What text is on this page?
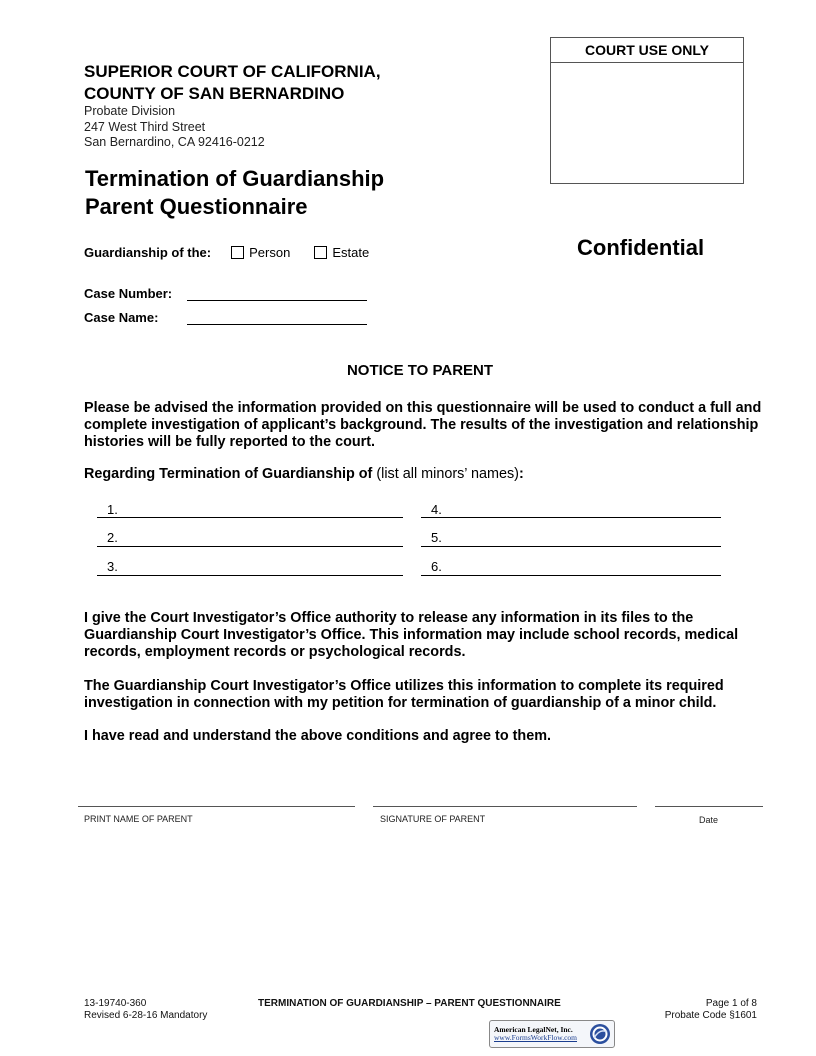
COURT USE ONLY
SUPERIOR COURT OF CALIFORNIA,
COUNTY OF SAN BERNARDINO
Probate Division
247 West Third Street
San Bernardino, CA 92416-0212
Termination of Guardianship
Parent Questionnaire
Confidential
Guardianship of the:	Person	Estate
Case Number:
Case Name:
NOTICE TO PARENT
Please be advised the information provided on this questionnaire will be used to conduct a full and complete investigation of applicant’s background. The results of the investigation and relationship histories will be fully reported to the court.
Regarding Termination of Guardianship of (list all minors’ names):
1.
2.
3.
4.
5.
6.
I give the Court Investigator’s Office authority to release any information in its files to the Guardianship Court Investigator’s Office. This information may include school records, medical records, employment records or psychological records.
The Guardianship Court Investigator’s Office utilizes this information to complete its required investigation in connection with my petition for termination of guardianship of a minor child.
I have read and understand the above conditions and agree to them.
PRINT NAME OF PARENT	SIGNATURE OF PARENT	Date
13-19740-360
Revised 6-28-16 Mandatory
TERMINATION OF GUARDIANSHIP – PARENT QUESTIONNAIRE	Page 1 of 8
Probate Code §1601
American LegalNet, Inc.
www.FormsWorkFlow.com
